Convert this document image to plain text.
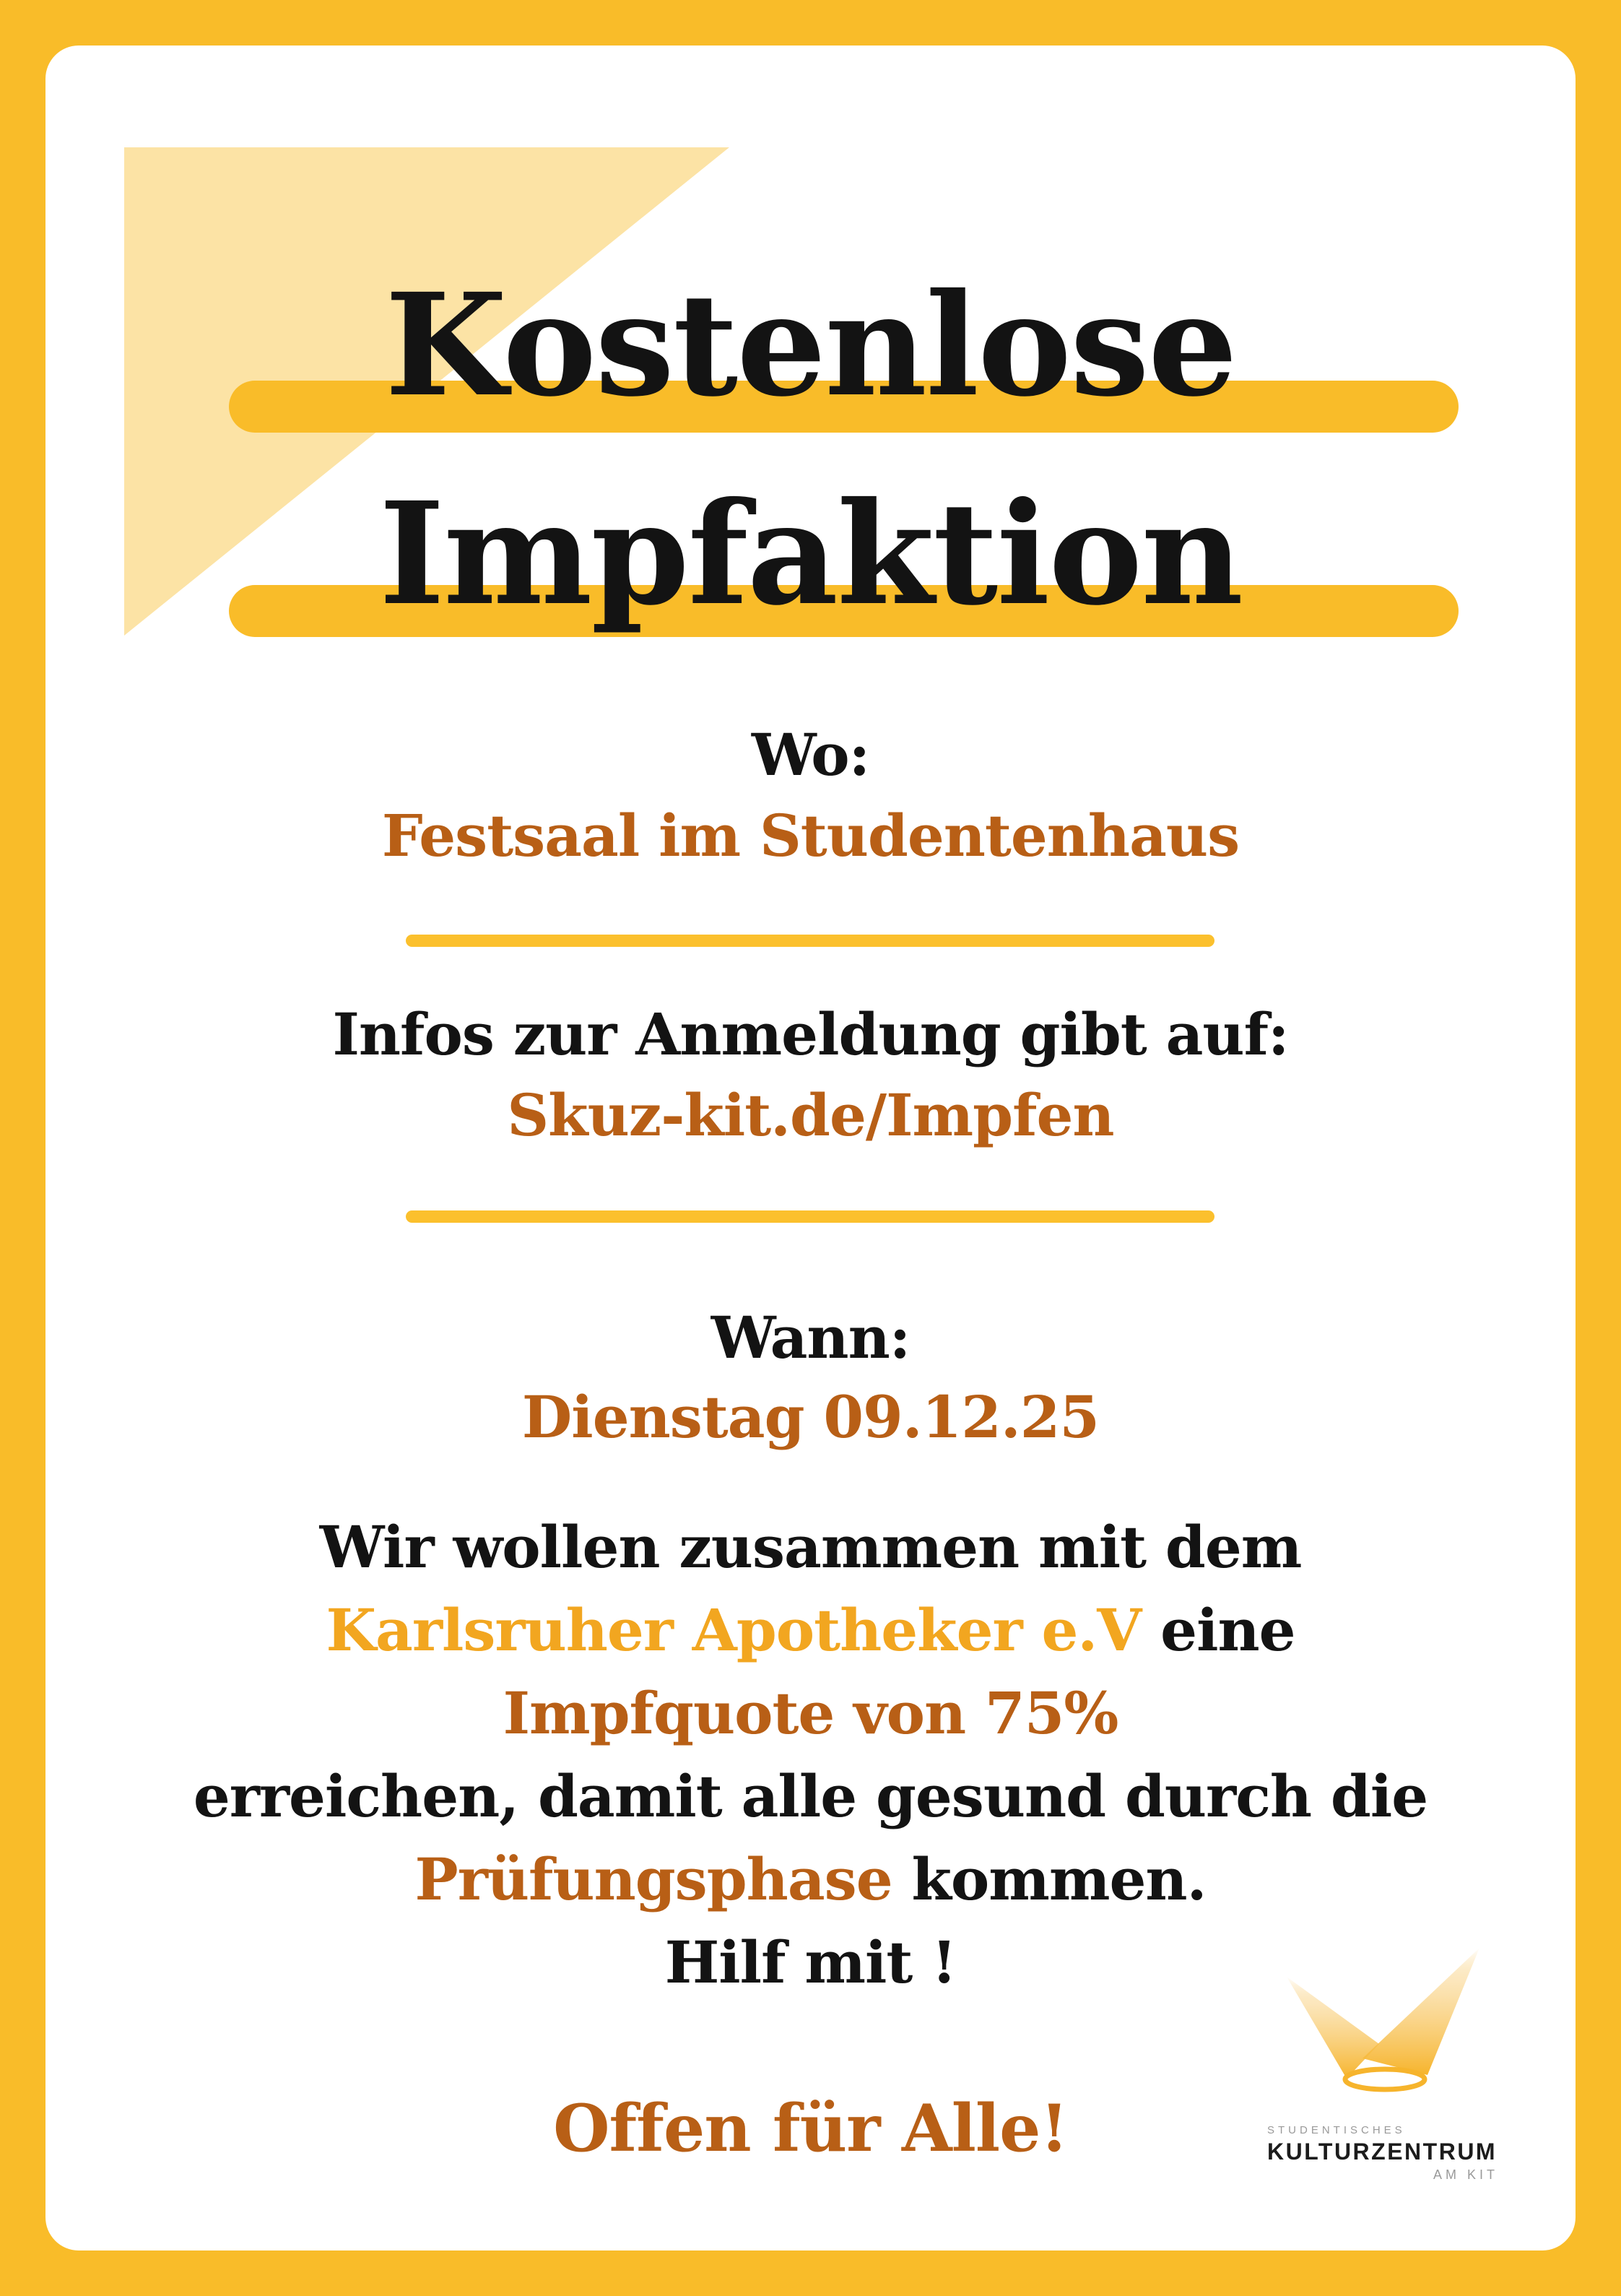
Kostenlose
Impfaktion
Wo:
Festsaal im Studentenhaus
Infos zur Anmeldung gibt auf:
Skuz-kit.de/Impfen
Wann:
Dienstag 09.12.25
Wir wollen zusammen mit dem
Karlsruher Apotheker e.V eine
Impfquote von 75%
erreichen, damit alle gesund durch die
Prüfungsphase kommen.
Hilf mit !
Offen für Alle!	STUDENTISCHES
KULTURZENTRUM
AM KIT
